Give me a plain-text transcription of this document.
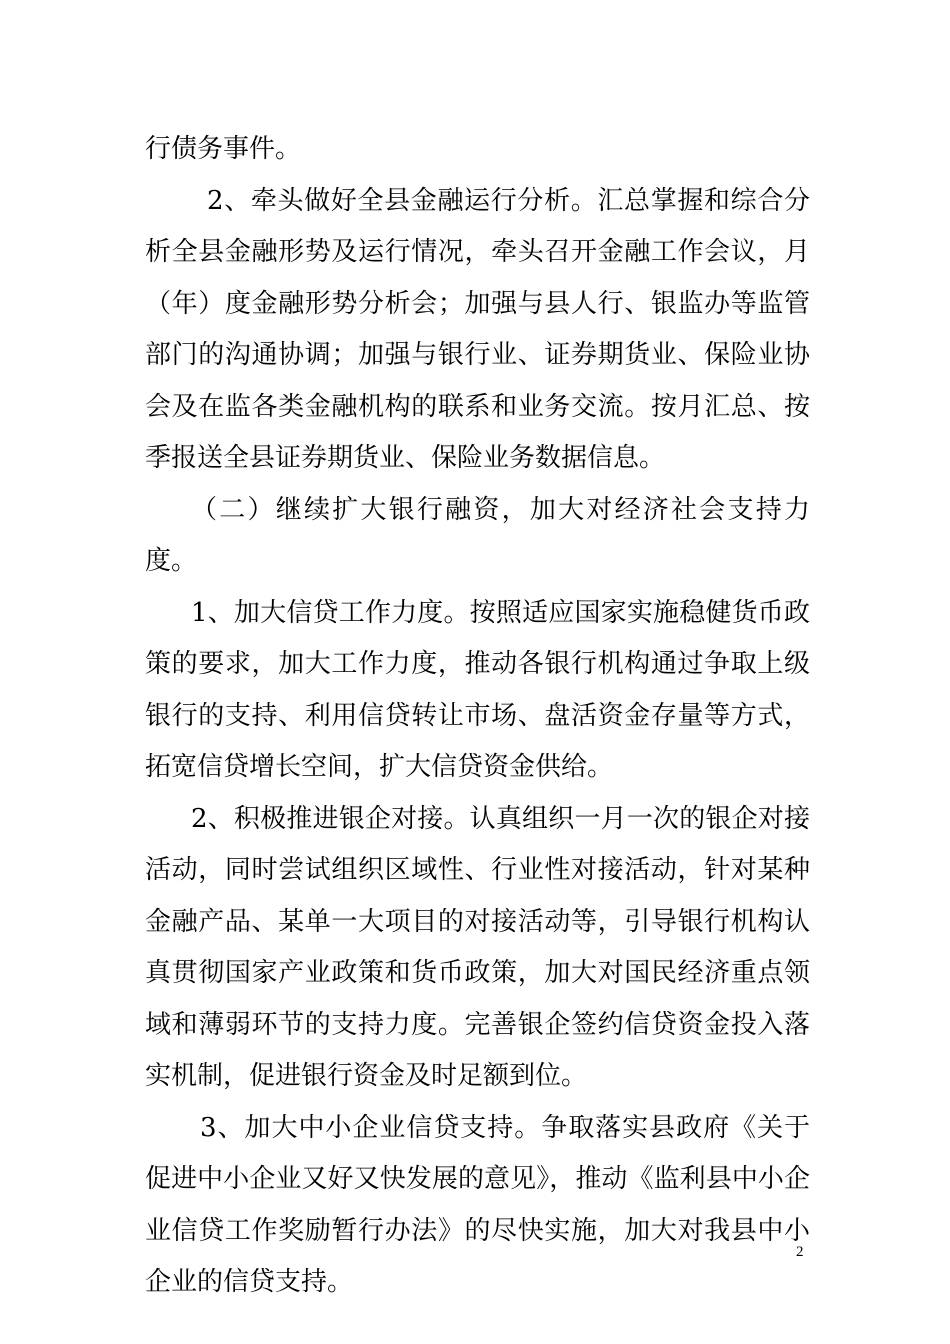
行债务事件。

2、牵头做好全县金融运行分析。汇总掌握和综合分析全县金融形势及运行情况，牵头召开金融工作会议，月（年）度金融形势分析会；加强与县人行、银监办等监管部门的沟通协调；加强与银行业、证券期货业、保险业协会及在监各类金融机构的联系和业务交流。按月汇总、按季报送全县证券期货业、保险业务数据信息。

（二）继续扩大银行融资，加大对经济社会支持力度。

1、加大信贷工作力度。按照适应国家实施稳健货币政策的要求，加大工作力度，推动各银行机构通过争取上级银行的支持、利用信贷转让市场、盘活资金存量等方式，拓宽信贷增长空间，扩大信贷资金供给。

2、积极推进银企对接。认真组织一月一次的银企对接活动，同时尝试组织区域性、行业性对接活动，针对某种金融产品、某单一大项目的对接活动等，引导银行机构认真贯彻国家产业政策和货币政策，加大对国民经济重点领域和薄弱环节的支持力度。完善银企签约信贷资金投入落实机制，促进银行资金及时足额到位。

3、加大中小企业信贷支持。争取落实县政府《关于促进中小企业又好又快发展的意见》，推动《监利县中小企业信贷工作奖励暂行办法》的尽快实施，加大对我县中小企业的信贷支持。

2
